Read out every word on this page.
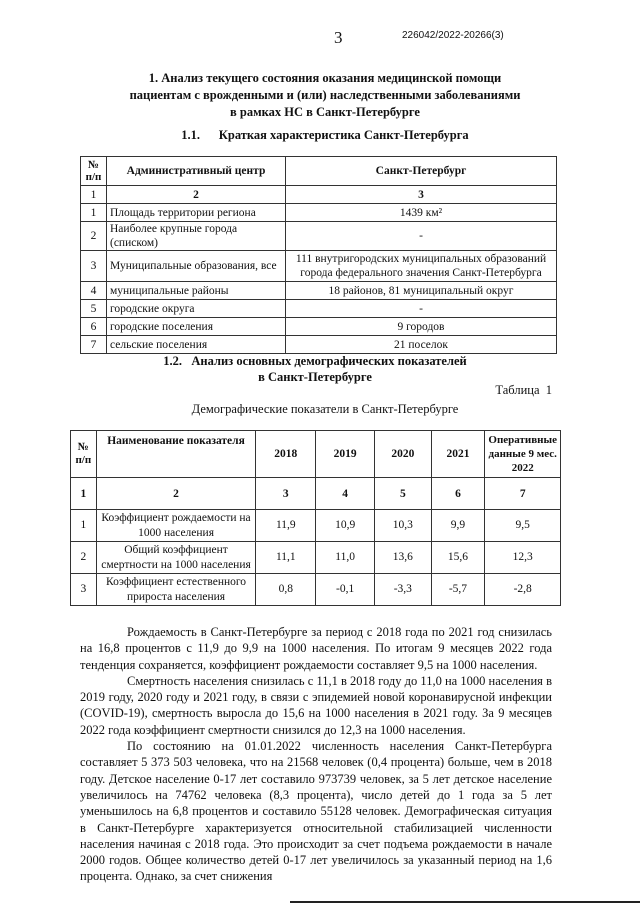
3	226042/2022-20266(3)
1. Анализ текущего состояния оказания медицинской помощи
пациентам с врожденными и (или) наследственными заболеваниями
в рамках НС в Санкт-Петербурге
1.1.      Краткая характеристика Санкт-Петербурга
№ п/п	Административный центр	Санкт-Петербург
1	2	3
1	Площадь территории региона	1439 км²
2	Наиболее крупные города (списком)	-
3	Муниципальные образования, все	111 внутригородских муниципальных образований города федерального значения Санкт-Петербурга
4	муниципальные районы	18 районов, 81 муниципальный округ
5	городские округа	-
6	городские поселения	9 городов
7	сельские поселения	21 поселок
1.2.   Анализ основных демографических показателей
в Санкт-Петербурге
Таблица  1
Демографические показатели в Санкт-Петербурге
№ п/п	Наименование показателя	2018	2019	2020	2021	Оперативные данные 9 мес. 2022
1	2	3	4	5	6	7
1	Коэффициент рождаемости на 1000 населения	11,9	10,9	10,3	9,9	9,5
2	Общий коэффициент смертности на 1000 населения	11,1	11,0	13,6	15,6	12,3
3	Коэффициент естественного прироста населения	0,8	-0,1	-3,3	-5,7	-2,8

Рождаемость в Санкт-Петербурге за период с 2018 года по 2021 год снизилась на 16,8 процентов с 11,9 до 9,9 на 1000 населения. По итогам 9 месяцев 2022 года тенденция сохраняется, коэффициент рождаемости составляет 9,5 на 1000 населения.

Смертность населения снизилась с 11,1 в 2018 году до 11,0 на 1000 населения в 2019 году, 2020 году и 2021 году, в связи с эпидемией новой коронавирусной инфекции (COVID-19), смертность выросла до 15,6 на 1000 населения в 2021 году. За 9 месяцев 2022 года коэффициент смертности снизился до 12,3 на 1000 населения.

По состоянию на 01.01.2022 численность населения Санкт-Петербурга составляет 5 373 503 человека, что на 21568 человек (0,4 процента) больше, чем в 2018 году. Детское население 0-17 лет составило 973739 человек, за 5 лет детское население увеличилось на 74762 человека (8,3 процента), число детей до 1 года за 5 лет уменьшилось на 6,8 процентов и составило 55128 человек. Демографическая ситуация в Санкт-Петербурге характеризуется относительной стабилизацией численности населения начиная с 2018 года. Это происходит за счет подъема рождаемости в начале 2000 годов. Общее количество детей 0-17 лет увеличилось за указанный период на 1,6 процента. Однако, за счет снижения
